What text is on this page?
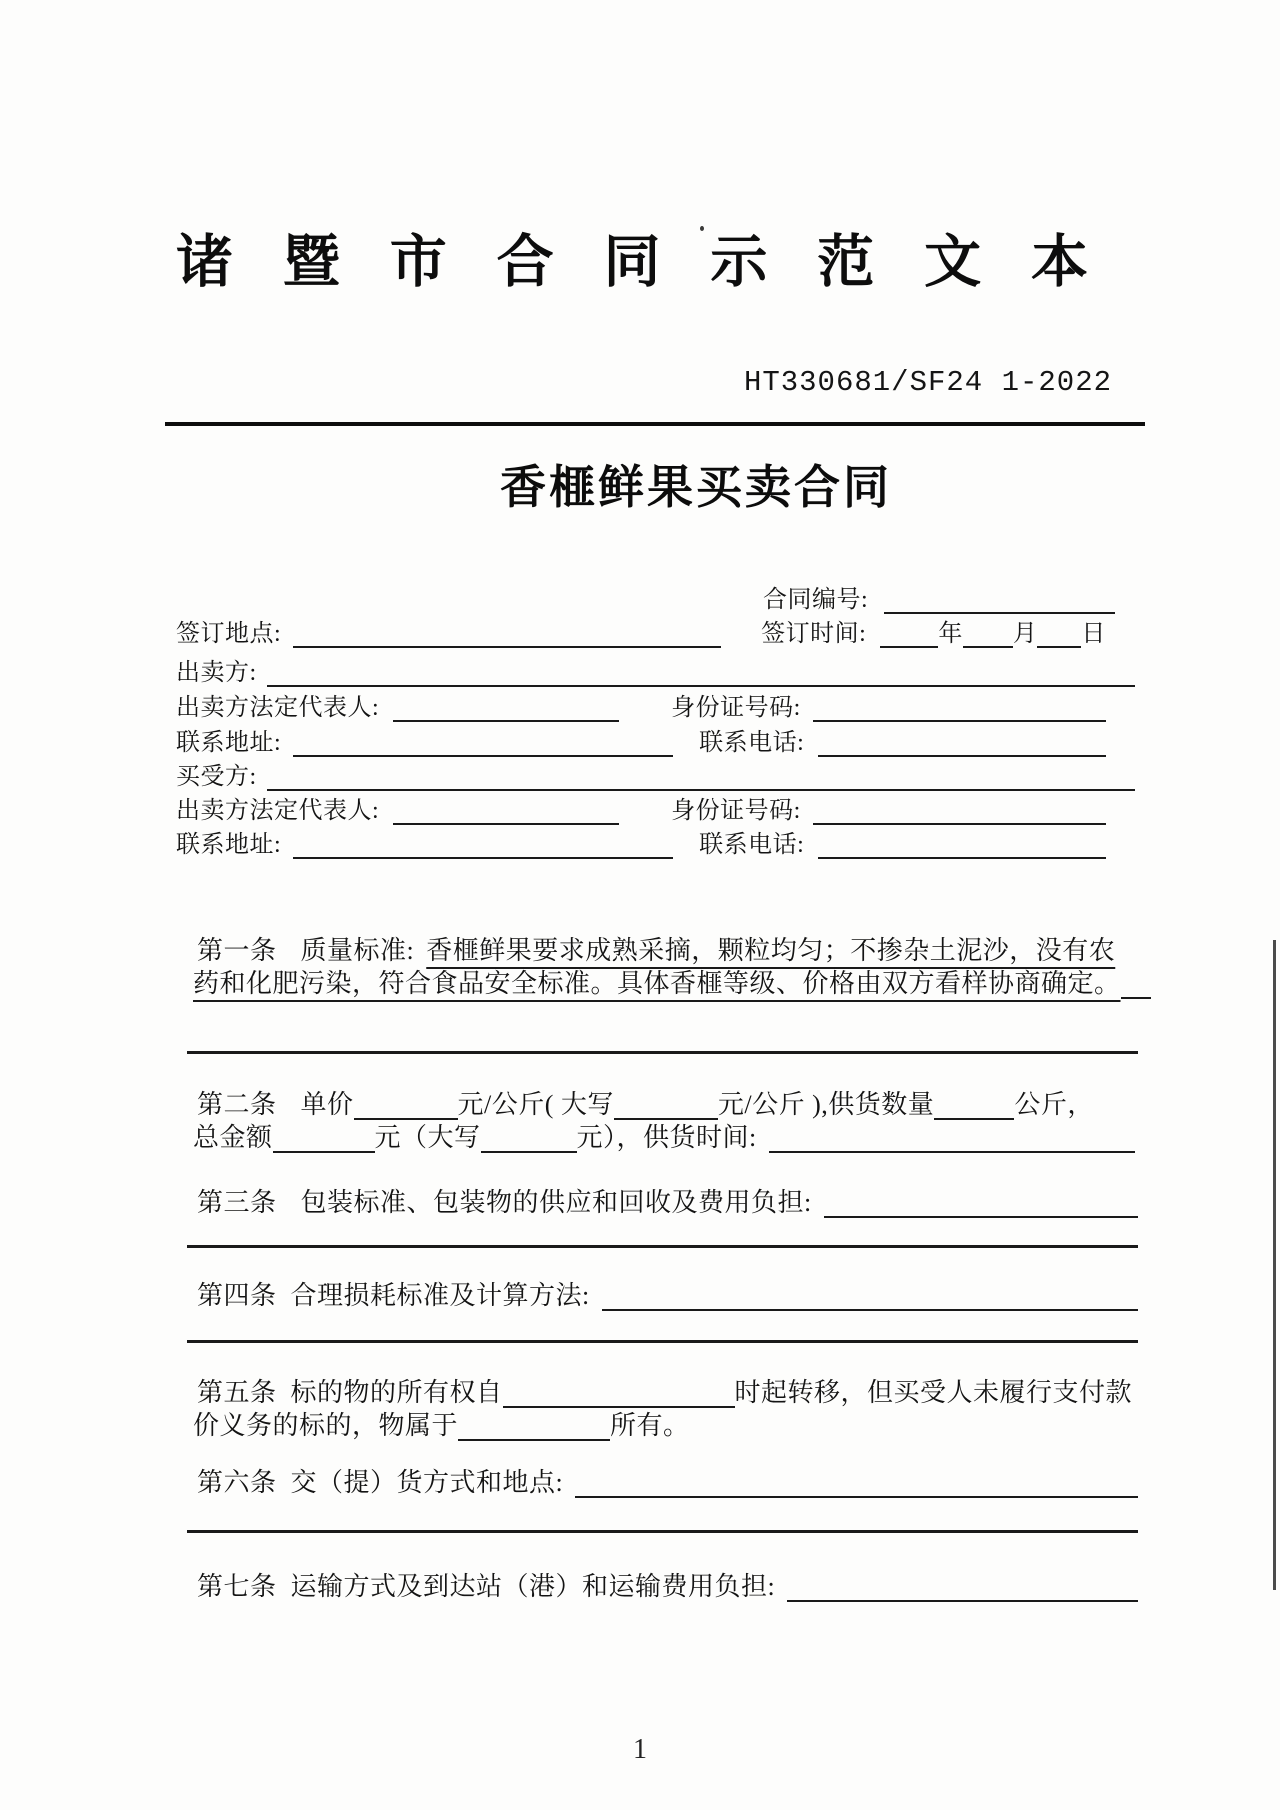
诸 暨 市 合 同 示 范 文 本
HT330681/SF24 1-2022
香榧鲜果买卖合同
合同编号:
签订地点:	签订时间:	年 月 日
出卖方:
出卖方法定代表人:	身份证号码:
联系地址:	联系电话:
买受方:
出卖方法定代表人:	身份证号码:
联系地址:	联系电话:
第一条 质量标准: 香榧鲜果要求成熟采摘，颗粒均匀；不掺杂土泥沙，没有农
药和化肥污染，符合食品安全标准。具体香榧等级、价格由双方看样协商确定。
第二条 单价	元/公斤( 大写	元/公斤 ),供货数量	公斤，
总金额	元（大写	元），供货时间:
第三条 包装标准、包装物的供应和回收及费用负担:
第四条 合理损耗标准及计算方法:
第五条 标的物的所有权自	时起转移，但买受人未履行支付款
价义务的标的，物属于	所有。
第六条 交（提）货方式和地点:
第七条 运输方式及到达站（港）和运输费用负担:
1
